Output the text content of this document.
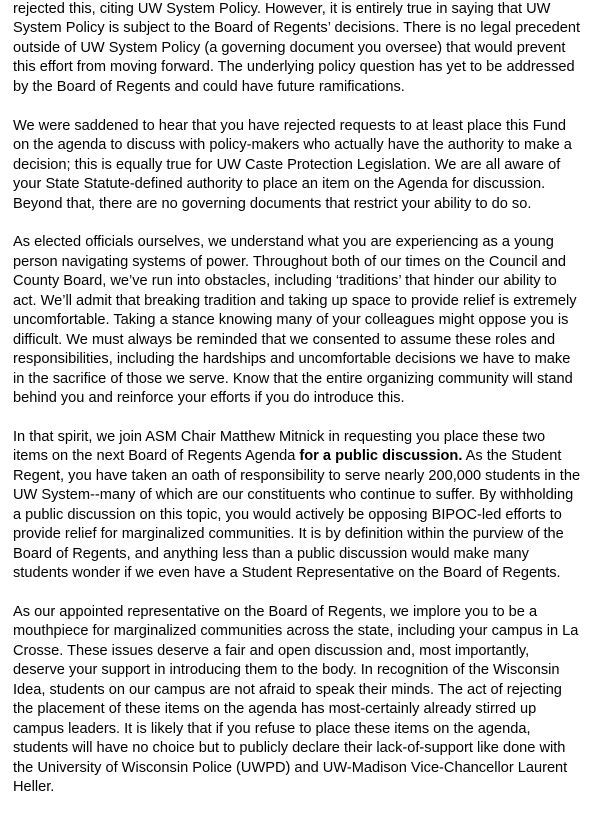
rejected this, citing UW System Policy. However, it is entirely true in saying that UW
System Policy is subject to the Board of Regents’ decisions. There is no legal precedent
outside of UW System Policy (a governing document you oversee) that would prevent
this effort from moving forward. The underlying policy question has yet to be addressed
by the Board of Regents and could have future ramifications.
We were saddened to hear that you have rejected requests to at least place this Fund
on the agenda to discuss with policy-makers who actually have the authority to make a
decision; this is equally true for UW Caste Protection Legislation. We are all aware of
your State Statute-defined authority to place an item on the Agenda for discussion.
Beyond that, there are no governing documents that restrict your ability to do so.
As elected officials ourselves, we understand what you are experiencing as a young
person navigating systems of power. Throughout both of our times on the Council and
County Board, we’ve run into obstacles, including ‘traditions’ that hinder our ability to
act. We’ll admit that breaking tradition and taking up space to provide relief is extremely
uncomfortable. Taking a stance knowing many of your colleagues might oppose you is
difficult. We must always be reminded that we consented to assume these roles and
responsibilities, including the hardships and uncomfortable decisions we have to make
in the sacrifice of those we serve. Know that the entire organizing community will stand
behind you and reinforce your efforts if you do introduce this.
In that spirit, we join ASM Chair Matthew Mitnick in requesting you place these two
items on the next Board of Regents Agenda for a public discussion. As the Student
Regent, you have taken an oath of responsibility to serve nearly 200,000 students in the
UW System--many of which are our constituents who continue to suffer. By withholding
a public discussion on this topic, you would actively be opposing BIPOC-led efforts to
provide relief for marginalized communities. It is by definition within the purview of the
Board of Regents, and anything less than a public discussion would make many
students wonder if we even have a Student Representative on the Board of Regents.
As our appointed representative on the Board of Regents, we implore you to be a
mouthpiece for marginalized communities across the state, including your campus in La
Crosse. These issues deserve a fair and open discussion and, most importantly,
deserve your support in introducing them to the body. In recognition of the Wisconsin
Idea, students on our campus are not afraid to speak their minds. The act of rejecting
the placement of these items on the agenda has most-certainly already stirred up
campus leaders. It is likely that if you refuse to place these items on the agenda,
students will have no choice but to publicly declare their lack-of-support like done with
the University of Wisconsin Police (UWPD) and UW-Madison Vice-Chancellor Laurent
Heller.
